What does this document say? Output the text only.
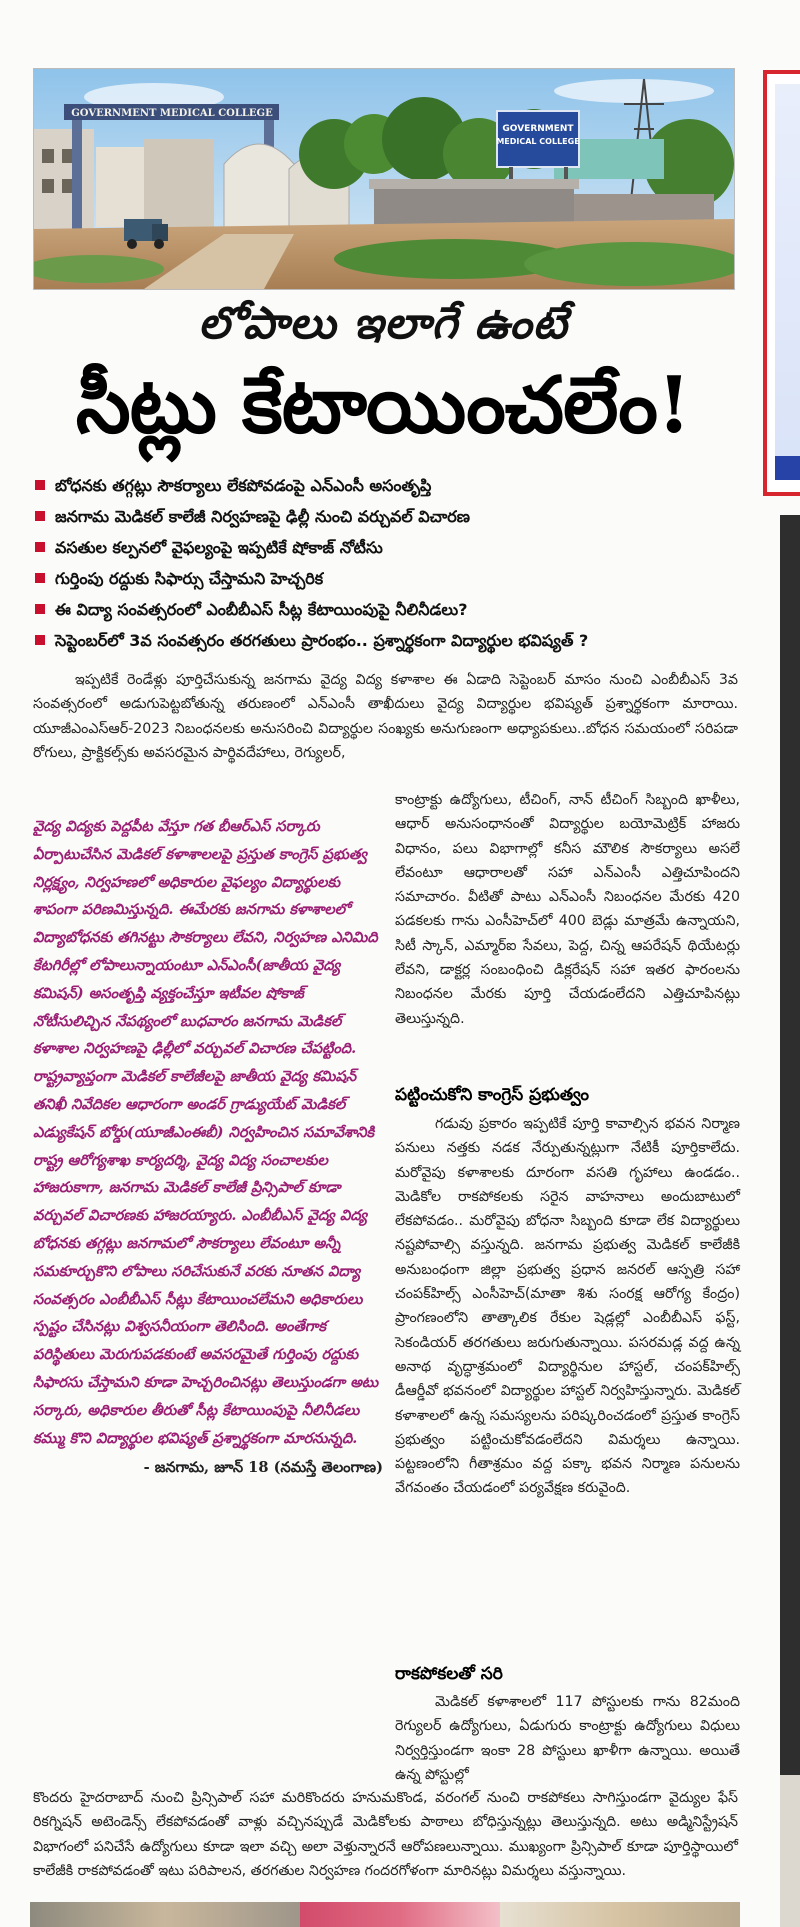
GOVERNMENT MEDICAL COLLEGE
GOVERNMENT
MEDICAL COLLEGE
లోపాలు ఇలాగే ఉంటే
సీట్లు కేటాయించలేం!
బోధనకు తగ్గట్లు సౌకర్యాలు లేకపోవడంపై ఎన్‌ఎంసీ అసంతృప్తి
జనగామ మెడికల్‌ కాలేజీ నిర్వహణపై ఢిల్లీ నుంచి వర్చువల్‌ విచారణ
వసతుల కల్పనలో వైఫల్యంపై ఇప్పటికే షోకాజ్‌ నోటీసు
గుర్తింపు రద్దుకు సిఫార్సు చేస్తామని హెచ్చరిక
ఈ విద్యా సంవత్సరంలో ఎంబీబీఎస్‌ సీట్ల కేటాయింపుపై నీలినీడలు?
సెప్టెంబర్‌లో 3వ సంవత్సరం తరగతులు ప్రారంభం.. ప్రశ్నార్థకంగా విద్యార్థుల భవిష్యత్‌ ?

ఇప్పటికే రెండేళ్లు పూర్తిచేసుకున్న జనగామ వైద్య విద్య కళాశాల ఈ ఏడాది సెప్టెంబర్‌ మాసం నుంచి ఎంబీబీఎస్‌ 3వ సంవత్సరంలో అడుగుపెట్టబోతున్న తరుణంలో ఎన్‌ఎంసీ తాఖీదులు వైద్య విద్యార్థుల భవిష్యత్‌ ప్రశ్నార్థకంగా మారాయి. యూజీఎంఎస్‌ఆర్‌-2023 నిబంధనలకు అనుసరించి విద్యార్థుల సంఖ్యకు అనుగుణంగా అధ్యాపకులు..బోధన సమయంలో సరిపడా రోగులు, ప్రాక్టికల్స్‌కు అవసరమైన పార్థివదేహాలు, రెగ్యులర్‌,

వైద్య విద్యకు పెద్దపీట వేస్తూ గత బీఆర్‌ఎస్‌ సర్కారు ఏర్పాటుచేసిన మెడికల్‌ కళాశాలలపై ప్రస్తుత కాంగ్రెస్‌ ప్రభుత్వ నిర్లక్ష్యం, నిర్వహణలో అధికారుల వైఫల్యం విద్యార్థులకు శాపంగా పరిణమిస్తున్నది. ఈమేరకు జనగామ కళాశాలలో విద్యాబోధనకు తగినట్టు సౌకర్యాలు లేవని, నిర్వహణ ఎనిమిది కేటగిరీల్లో లోపాలున్నాయంటూ ఎన్‌ఎంసీ(జాతీయ వైద్య కమిషన్‌) అసంతృప్తి వ్యక్తంచేస్తూ ఇటీవల షోకాజ్‌ నోటీసులిచ్చిన నేపథ్యంలో బుధవారం జనగామ మెడికల్‌ కళాశాల నిర్వహణపై ఢిల్లీలో వర్చువల్‌ విచారణ చేపట్టింది. రాష్ట్రవ్యాప్తంగా మెడికల్‌ కాలేజీలపై జాతీయ వైద్య కమిషన్‌ తనిఖీ నివేదికల ఆధారంగా అండర్‌ గ్రాడ్యుయేట్‌ మెడికల్‌ ఎడ్యుకేషన్‌ బోర్డు(యూజీఎంఈబీ) నిర్వహించిన సమావేశానికి రాష్ట్ర ఆరోగ్యశాఖ కార్యదర్శి, వైద్య విద్య సంచాలకుల హాజరుకాగా, జనగామ మెడికల్‌ కాలేజీ ప్రిన్సిపాల్‌ కూడా వర్చువల్‌ విచారణకు హాజరయ్యారు. ఎంబీబీఎస్‌ వైద్య విద్య బోధనకు తగ్గట్లు జనగామలో సౌకర్యాలు లేవంటూ అన్నీ సమకూర్చుకొని లోపాలు సరిచేసుకునే వరకు నూతన విద్యా సంవత్సరం ఎంబీబీఎస్‌ సీట్లు కేటాయించలేమని అధికారులు స్పష్టం చేసినట్లు విశ్వసనీయంగా తెలిసింది. అంతేగాక పరిస్థితులు మెరుగుపడకుంటే అవసరమైతే గుర్తింపు రద్దుకు సిఫారసు చేస్తామని కూడా హెచ్చరించినట్లు తెలుస్తుండగా అటు సర్కారు, అధికారుల తీరుతో సీట్ల కేటాయింపుపై నీలినీడలు కమ్ము కొని విద్యార్థుల భవిష్యత్‌ ప్రశ్నార్థకంగా మారనున్నది.
- జనగామ, జూన్‌ 18 (నమస్తే తెలంగాణ)

కాంట్రాక్టు ఉద్యోగులు, టీచింగ్‌, నాన్‌ టీచింగ్‌ సిబ్బంది ఖాళీలు, ఆధార్‌ అనుసంధానంతో విద్యార్థుల బయోమెట్రిక్‌ హాజరు విధానం, పలు విభాగాల్లో కనీస మౌలిక సౌకర్యాలు అసలే లేవంటూ ఆధారాలతో సహా ఎన్‌ఎంసీ ఎత్తిచూపిందని సమాచారం. వీటితో పాటు ఎన్‌ఎంసీ నిబంధనల మేరకు 420 పడకలకు గాను ఎంసీహెచ్‌లో 400 బెడ్లు మాత్రమే ఉన్నాయని, సిటీ స్కాన్‌, ఎమ్మార్‌ఐ సేవలు, పెద్ద, చిన్న ఆపరేషన్‌ థియేటర్లు లేవని, డాక్టర్ల సంబంధించి డిక్లరేషన్‌ సహా ఇతర ఫారంలను నిబంధనల మేరకు పూర్తి చేయడంలేదని ఎత్తిచూపినట్లు తెలుస్తున్నది.

పట్టించుకోని కాంగ్రెస్‌ ప్రభుత్వం

గడువు ప్రకారం ఇప్పటికే పూర్తి కావాల్సిన భవన నిర్మాణ పనులు నత్తకు నడక నేర్పుతున్నట్లుగా నేటికీ పూర్తికాలేదు. మరోవైపు కళాశాలకు దూరంగా వసతి గృహాలు ఉండడం.. మెడికోల రాకపోకలకు సరైన వాహనాలు అందుబాటులో లేకపోవడం.. మరోవైపు బోధనా సిబ్బంది కూడా లేక విద్యార్థులు నష్టపోవాల్సి వస్తున్నది. జనగామ ప్రభుత్వ మెడికల్‌ కాలేజీకి అనుబంధంగా జిల్లా ప్రభుత్వ ప్రధాన జనరల్‌ ఆస్పత్రి సహా చంపక్‌హిల్స్‌ ఎంసీహెచ్‌(మాతా శిశు సంరక్ష ఆరోగ్య కేంద్రం) ప్రాంగణంలోని తాత్కాలిక రేకుల షెడ్లల్లో ఎంబీబీఎస్‌ ఫస్ట్‌, సెకండియర్‌ తరగతులు జరుగుతున్నాయి. పసరమడ్ల వద్ద ఉన్న అనాథ వృద్ధాశ్రమంలో విద్యార్థినుల హాస్టల్‌, చంపక్‌హిల్స్‌ డీఆర్డీవో భవనంలో విద్యార్థుల హాస్టల్‌ నిర్వహిస్తున్నారు. మెడికల్‌ కళాశాలలో ఉన్న సమస్యలను పరిష్కరించడంలో ప్రస్తుత కాంగ్రెస్‌ ప్రభుత్వం పట్టించుకోవడంలేదని విమర్శలు ఉన్నాయి. పట్టణంలోని గీతాశ్రమం వద్ద పక్కా భవన నిర్మాణ పనులను వేగవంతం చేయడంలో పర్యవేక్షణ కరువైంది.

రాకపోకలతో సరి

మెడికల్‌ కళాశాలలో 117 పోస్టులకు గాను 82మంది రెగ్యులర్‌ ఉద్యోగులు, ఏడుగురు కాంట్రాక్టు ఉద్యోగులు విధులు నిర్వర్తిస్తుండగా ఇంకా 28 పోస్టులు ఖాళీగా ఉన్నాయి. అయితే ఉన్న పోస్టుల్లో

కొందరు హైదరాబాద్‌ నుంచి ప్రిన్సిపాల్‌ సహా మరికొందరు హనుమకొండ, వరంగల్‌ నుంచి రాకపోకలు సాగిస్తుండగా వైద్యుల ఫేస్‌ రికగ్నిషన్‌ అటెండెన్స్‌ లేకపోవడంతో వాళ్లు వచ్చినప్పుడే మెడికోలకు పాఠాలు బోధిస్తున్నట్లు తెలుస్తున్నది. అటు అడ్మినిస్ట్రేషన్‌ విభాగంలో పనిచేసే ఉద్యోగులు కూడా ఇలా వచ్చి అలా వెళ్తున్నారనే ఆరోపణలున్నాయి. ముఖ్యంగా ప్రిన్సిపాల్‌ కూడా పూర్తిస్థాయిలో కాలేజీకి రాకపోవడంతో ఇటు పరిపాలన, తరగతుల నిర్వహణ గందరగోళంగా మారినట్లు విమర్శలు వస్తున్నాయి.
